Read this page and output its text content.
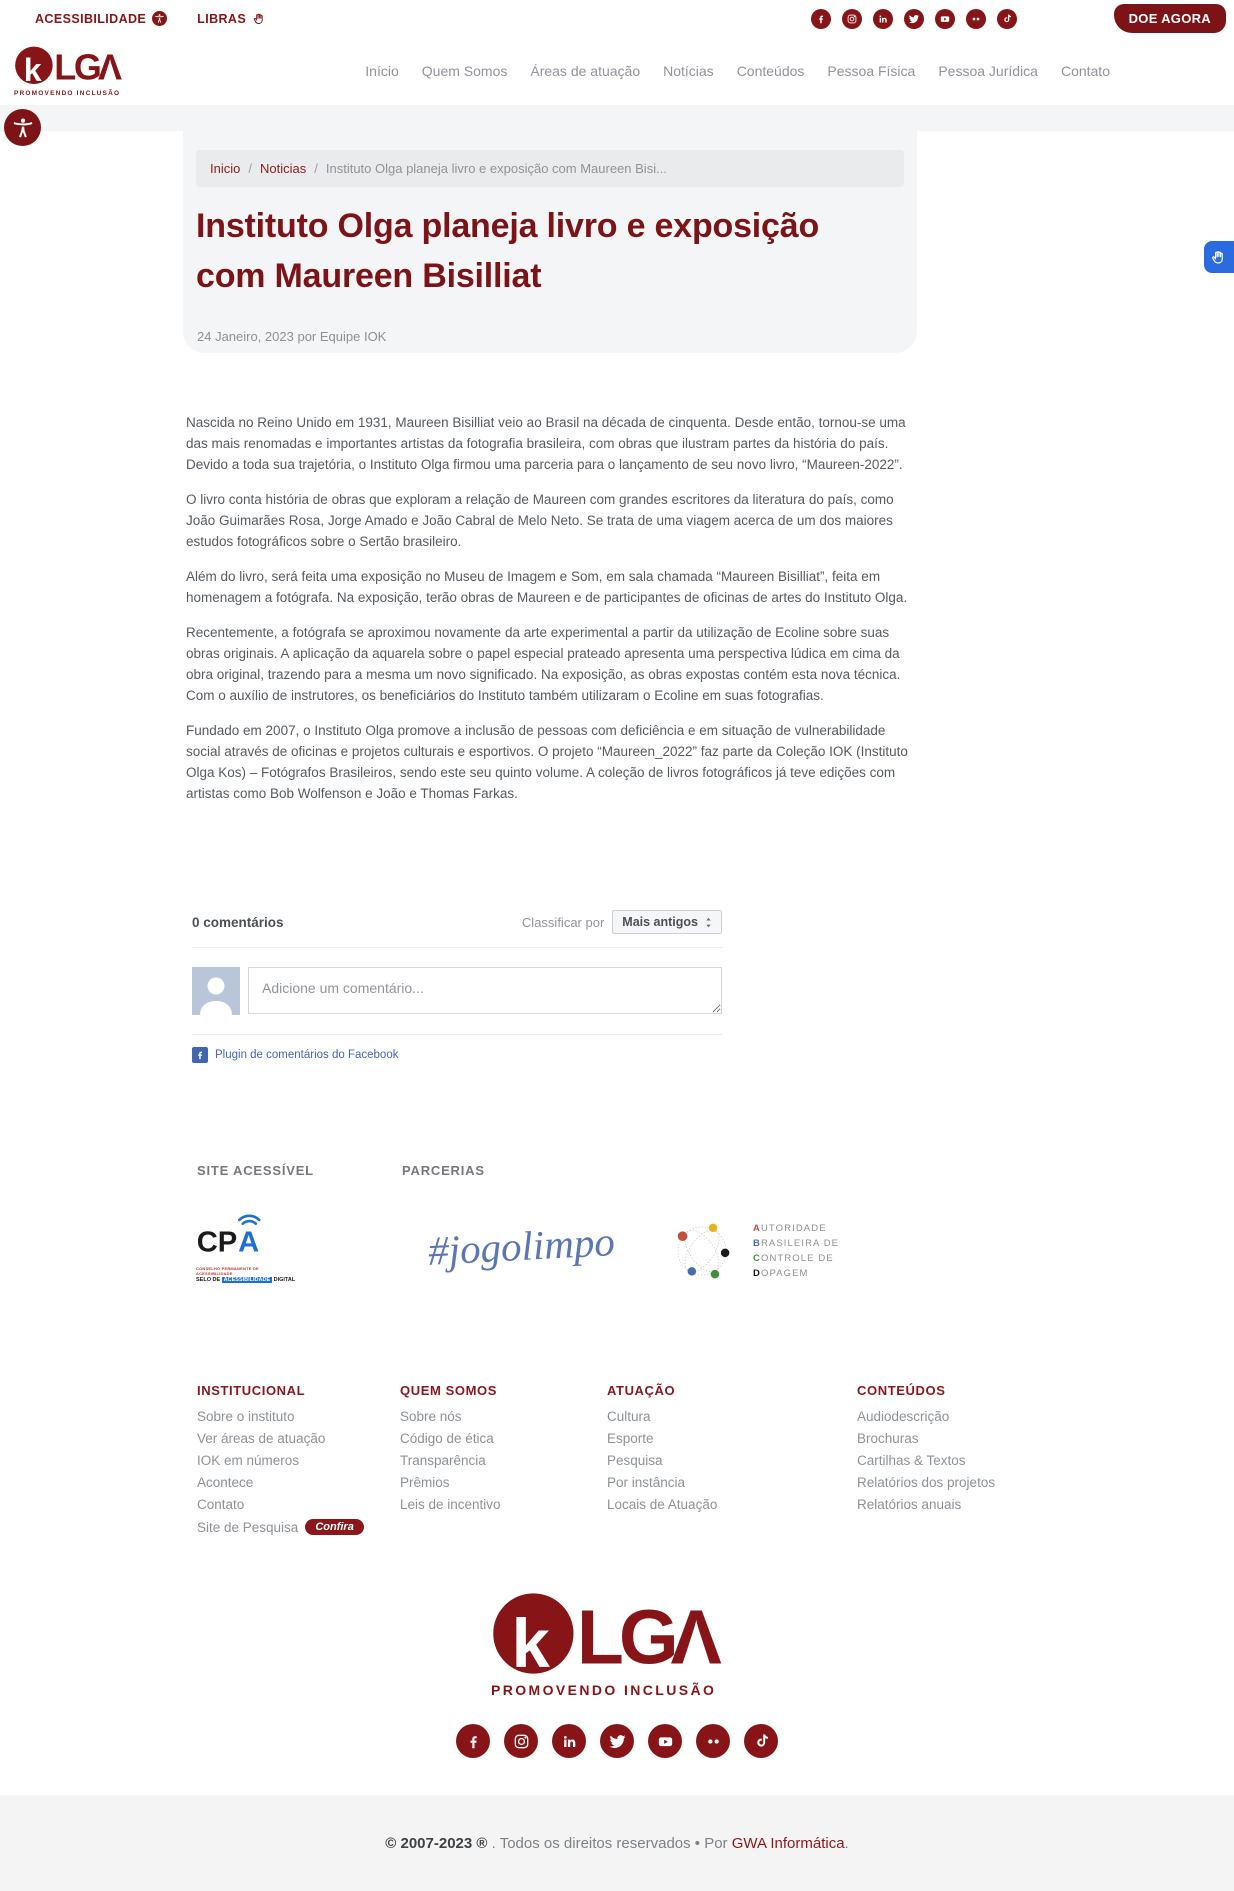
ACESSIBILIDADE	LIBRAS	DOE AGORA
PROMOVENDO INCLUSÃO
Início Quem Somos Áreas de atuação Notícias Conteúdos Pessoa Física Pessoa Jurídica Contato
Inicio / Noticias / Instituto Olga planeja livro e exposição com Maureen Bisi...
Instituto Olga planeja livro e exposição com Maureen Bisilliat
24 Janeiro, 2023 por Equipe IOK

Nascida no Reino Unido em 1931, Maureen Bisilliat veio ao Brasil na década de cinquenta. Desde então, tornou-se uma das mais renomadas e importantes artistas da fotografia brasileira, com obras que ilustram partes da história do país. Devido a toda sua trajetória, o Instituto Olga firmou uma parceria para o lançamento de seu novo livro, “Maureen-2022”.

O livro conta história de obras que exploram a relação de Maureen com grandes escritores da literatura do país, como João Guimarães Rosa, Jorge Amado e João Cabral de Melo Neto. Se trata de uma viagem acerca de um dos maiores estudos fotográficos sobre o Sertão brasileiro.

Além do livro, será feita uma exposição no Museu de Imagem e Som, em sala chamada “Maureen Bisilliat”, feita em homenagem a fotógrafa. Na exposição, terão obras de Maureen e de participantes de oficinas de artes do Instituto Olga.

Recentemente, a fotógrafa se aproximou novamente da arte experimental a partir da utilização de Ecoline sobre suas obras originais. A aplicação da aquarela sobre o papel especial prateado apresenta uma perspectiva lúdica em cima da obra original, trazendo para a mesma um novo significado. Na exposição, as obras expostas contém esta nova técnica. Com o auxílio de instrutores, os beneficiários do Instituto também utilizaram o Ecoline em suas fotografias.

Fundado em 2007, o Instituto Olga promove a inclusão de pessoas com deficiência e em situação de vulnerabilidade social através de oficinas e projetos culturais e esportivos. O projeto “Maureen_2022” faz parte da Coleção IOK (Instituto Olga Kos) – Fotógrafos Brasileiros, sendo este seu quinto volume. A coleção de livros fotográficos já teve edições com artistas como Bob Wolfenson e João e Thomas Farkas.

0 comentários	Classificar por Mais antigos
Adicione um comentário...
Plugin de comentários do Facebook
SITE ACESSÍVEL	PARCERIAS
CP A
CONSELHO PERMANENTE DE ACESSIBILIDADE
SELO DE ACESSIBILIDADE DIGITAL
#jogolimpo	AUTORIDADE
BRASILEIRA DE
CONTROLE DE
DOPAGEM
INSTITUCIONAL
Sobre o instituto
Ver áreas de atuação
IOK em números
Acontece
Contato
Site de Pesquisa	Confira
QUEM SOMOS
Sobre nós
Código de ética
Transparência
Prêmios
Leis de incentivo
ATUAÇÃO
Cultura
Esporte
Pesquisa
Por instância
Locais de Atuação
CONTEÚDOS
Audiodescrição
Brochuras
Cartilhas & Textos
Relatórios dos projetos
Relatórios anuais
PROMOVENDO INCLUSÃO
© 2007-2023 ® . Todos os direitos reservados • Por GWA Informática.
